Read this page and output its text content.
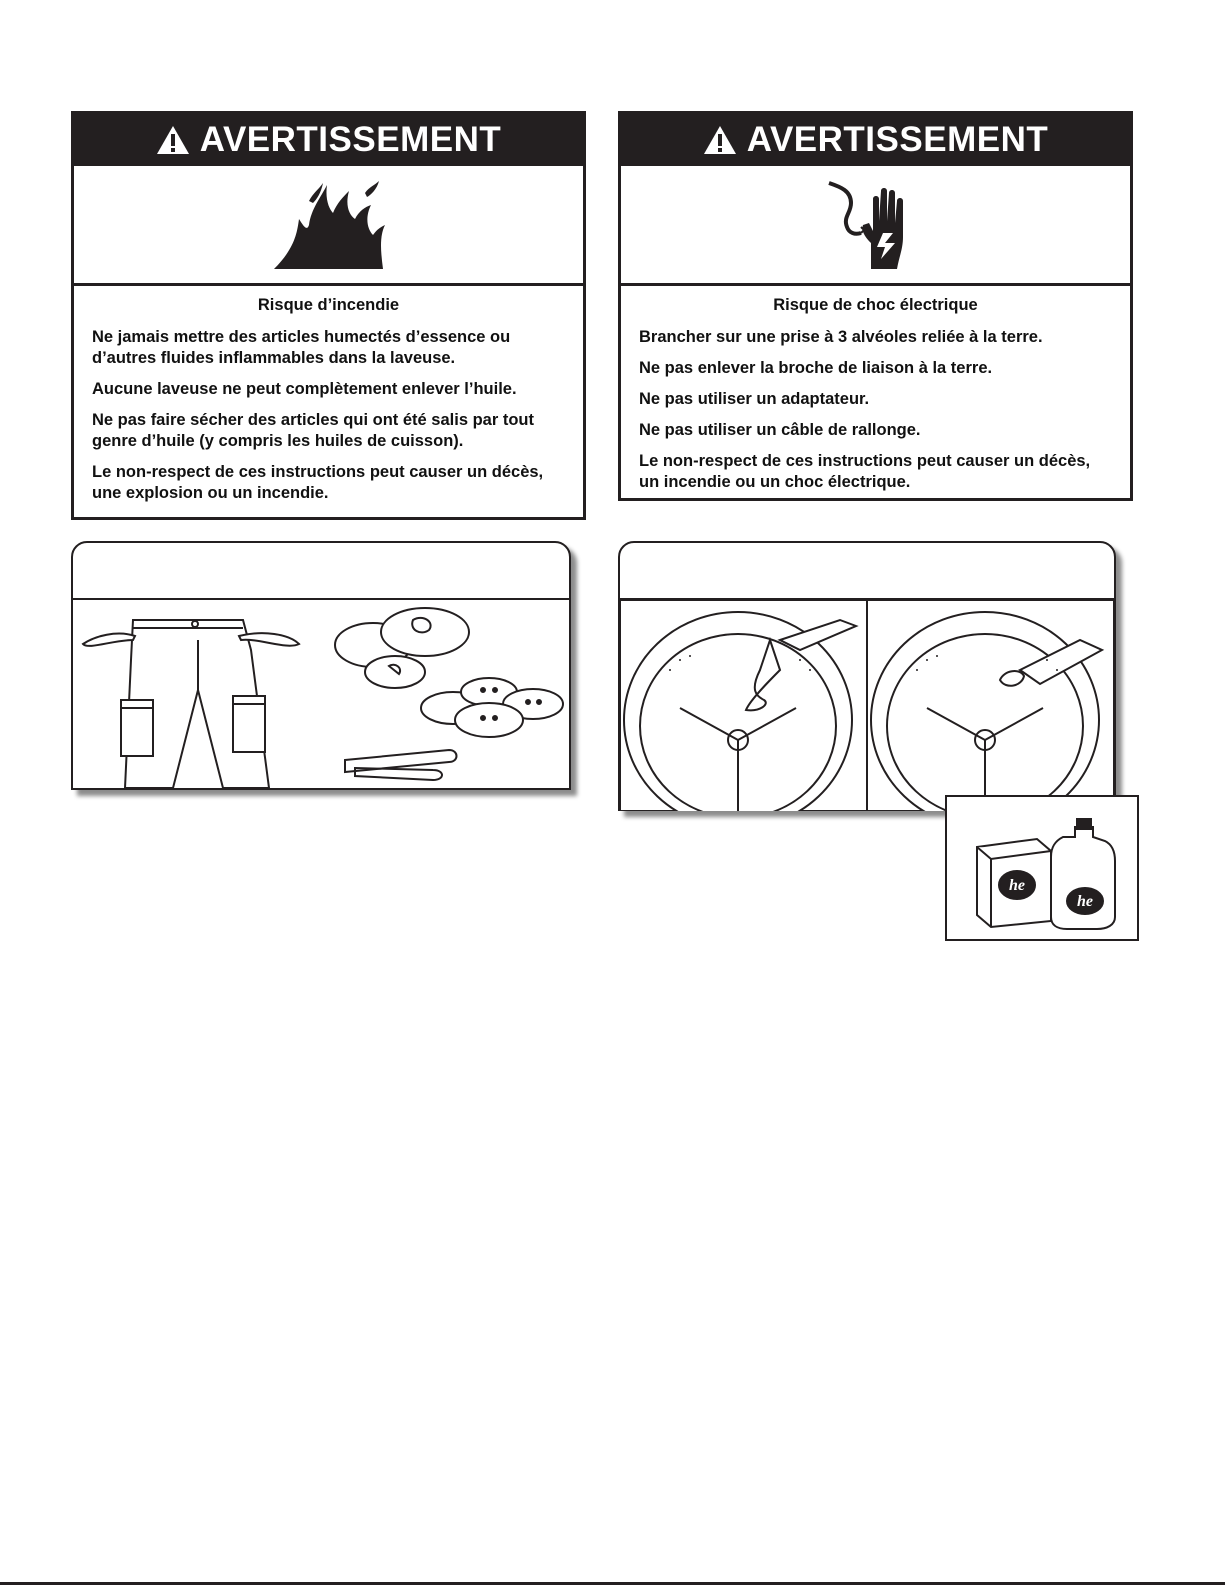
AVERTISSEMENT

Risque d’incendie

Ne jamais mettre des articles humectés d’essence ou d’autres fluides inflammables dans la laveuse.

Aucune laveuse ne peut complètement enlever l’huile.

Ne pas faire sécher des articles qui ont été salis par tout genre d’huile (y compris les huiles de cuisson).

Le non-respect de ces instructions peut causer un décès, une explosion ou un incendie.

AVERTISSEMENT

Risque de choc électrique

Brancher sur une prise à 3 alvéoles reliée à la terre.

Ne pas enlever la broche de liaison à la terre.

Ne pas utiliser un adaptateur.

Ne pas utiliser un câble de rallonge.

Le non-respect de ces instructions peut causer un décès, un incendie ou un choc électrique.

he
he
